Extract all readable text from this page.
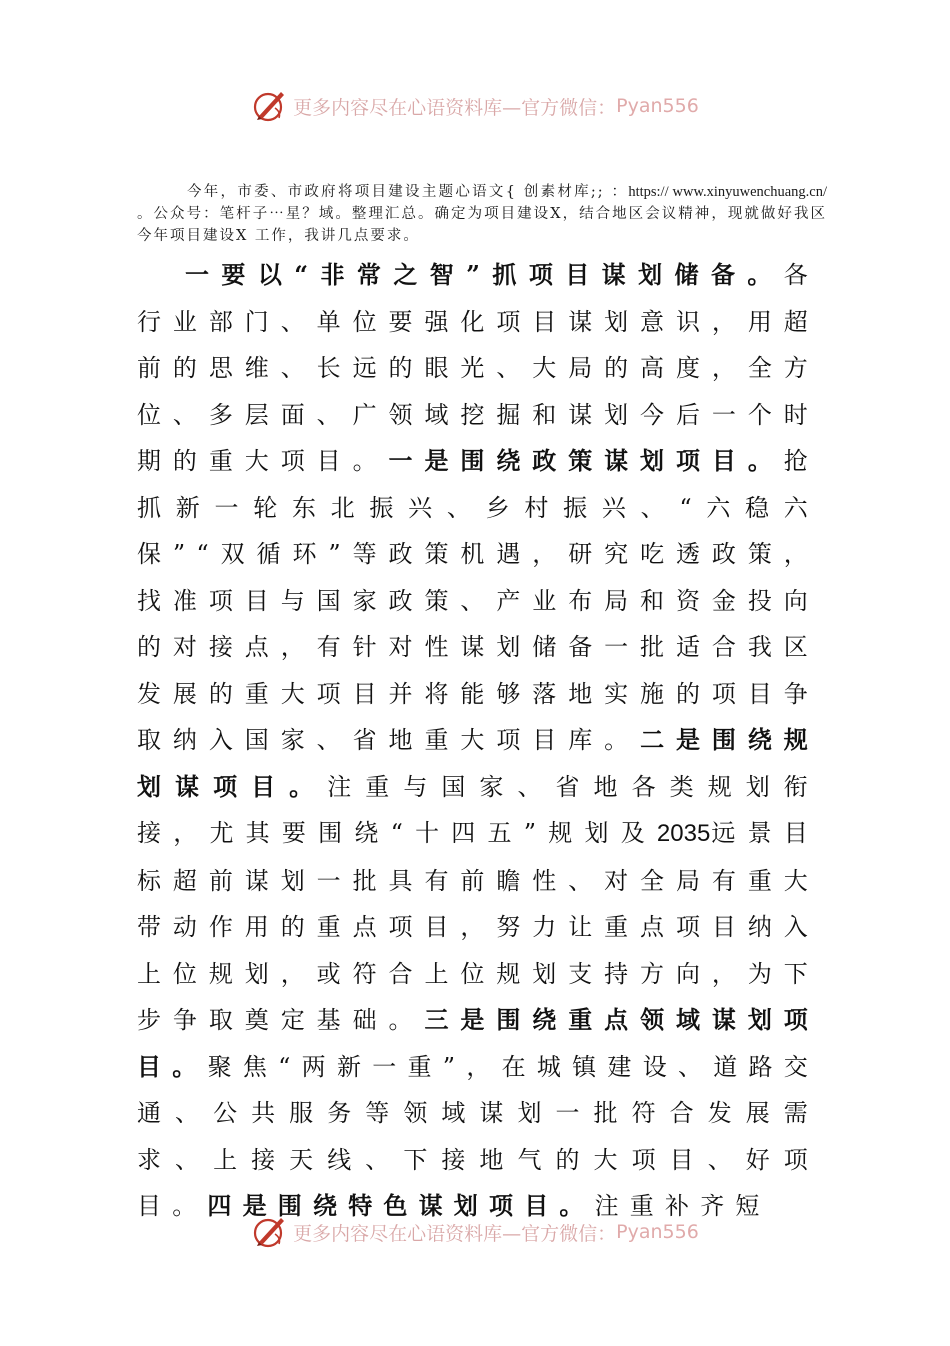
更多内容尽在心语资料库—官方微信： Pyan556
今年，市委、市政府将项目建设主题心语文{ 创素材库;; ：https:// www.xinyuwenchuang.cn/ 。公众号：笔杆子⋯星？域。整理汇总。确定为项目建设X，结合地区会议精神，现就做好我区今年项目建设X 工作，我讲几点要求。
一要以“非常之智”抓项目谋划储备。各行业部门、单位要强化项目谋划意识，用超前的思维、长远的眼光、大局的高度，全方位、多层面、广领域挖掘和谋划今后一个时期的重大项目。一是围绕政策谋划项目。抢抓新一轮东北振兴、乡村振兴、“六稳六保”“双循环”等政策机遇，研究吃透政策，找准项目与国家政策、产业布局和资金投向的对接点，有针对性谋划储备一批适合我区发展的重大项目并将能够落地实施的项目争取纳入国家、省地重大项目库。二是围绕规划谋项目。注重与国家、省地各类规划衔接，尤其要围绕“十四五”规划及2035远景目标超前谋划一批具有前瞻性、对全局有重大带动作用的重点项目，努力让重点项目纳入上位规划，或符合上位规划支持方向，为下步争取奠定基础。三是围绕重点领域谋划项目。聚焦“两新一重”，在城镇建设、道路交通、公共服务等领域谋划一批符合发展需求、上接天线、下接地气的大项目、好项目。四是围绕特色谋划项目。注重补齐短
更多内容尽在心语资料库—官方微信： Pyan556
